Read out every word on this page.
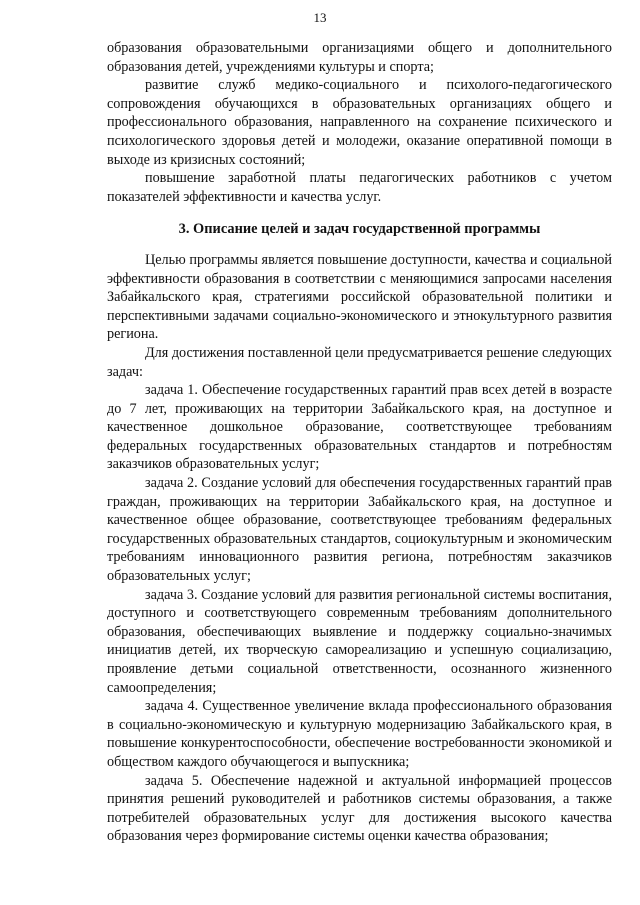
13

образования образовательными организациями общего и дополнительного образования детей, учреждениями культуры и спорта;

развитие служб медико-социального и психолого-педагогического сопровождения обучающихся в образовательных организациях общего и профессионального образования, направленного на сохранение психического и психологического здоровья детей и молодежи, оказание оперативной помощи в выходе из кризисных состояний;

повышение заработной платы педагогических работников с учетом показателей эффективности и качества услуг.

3. Описание целей и задач государственной программы

Целью программы является повышение доступности, качества и социальной эффективности образования в соответствии с меняющимися запросами населения Забайкальского края, стратегиями российской образовательной политики и перспективными задачами социально-экономического и этнокультурного развития региона.

Для достижения поставленной цели предусматривается решение следующих задач:

задача 1. Обеспечение государственных гарантий прав всех детей в возрасте до 7 лет, проживающих на территории Забайкальского края, на доступное и качественное дошкольное образование, соответствующее требованиям федеральных государственных образовательных стандартов и потребностям заказчиков образовательных услуг;

задача 2. Создание условий для обеспечения государственных гарантий прав граждан, проживающих на территории Забайкальского края, на доступное и качественное общее образование, соответствующее требованиям федеральных государственных образовательных стандартов, социокультурным и экономическим требованиям инновационного развития региона, потребностям заказчиков образовательных услуг;

задача 3. Создание условий для развития региональной системы воспитания, доступного и соответствующего современным требованиям дополнительного образования, обеспечивающих выявление и поддержку социально-значимых инициатив детей, их творческую самореализацию и успешную социализацию, проявление детьми социальной ответственности, осознанного жизненного самоопределения;

задача 4. Существенное увеличение вклада профессионального образования в социально-экономическую и культурную модернизацию Забайкальского края, в повышение конкурентоспособности, обеспечение востребованности экономикой и обществом каждого обучающегося и выпускника;

задача 5. Обеспечение надежной и актуальной информацией процессов принятия решений руководителей и работников системы образования, а также потребителей образовательных услуг для достижения высокого качества образования через формирование системы оценки качества образования;
